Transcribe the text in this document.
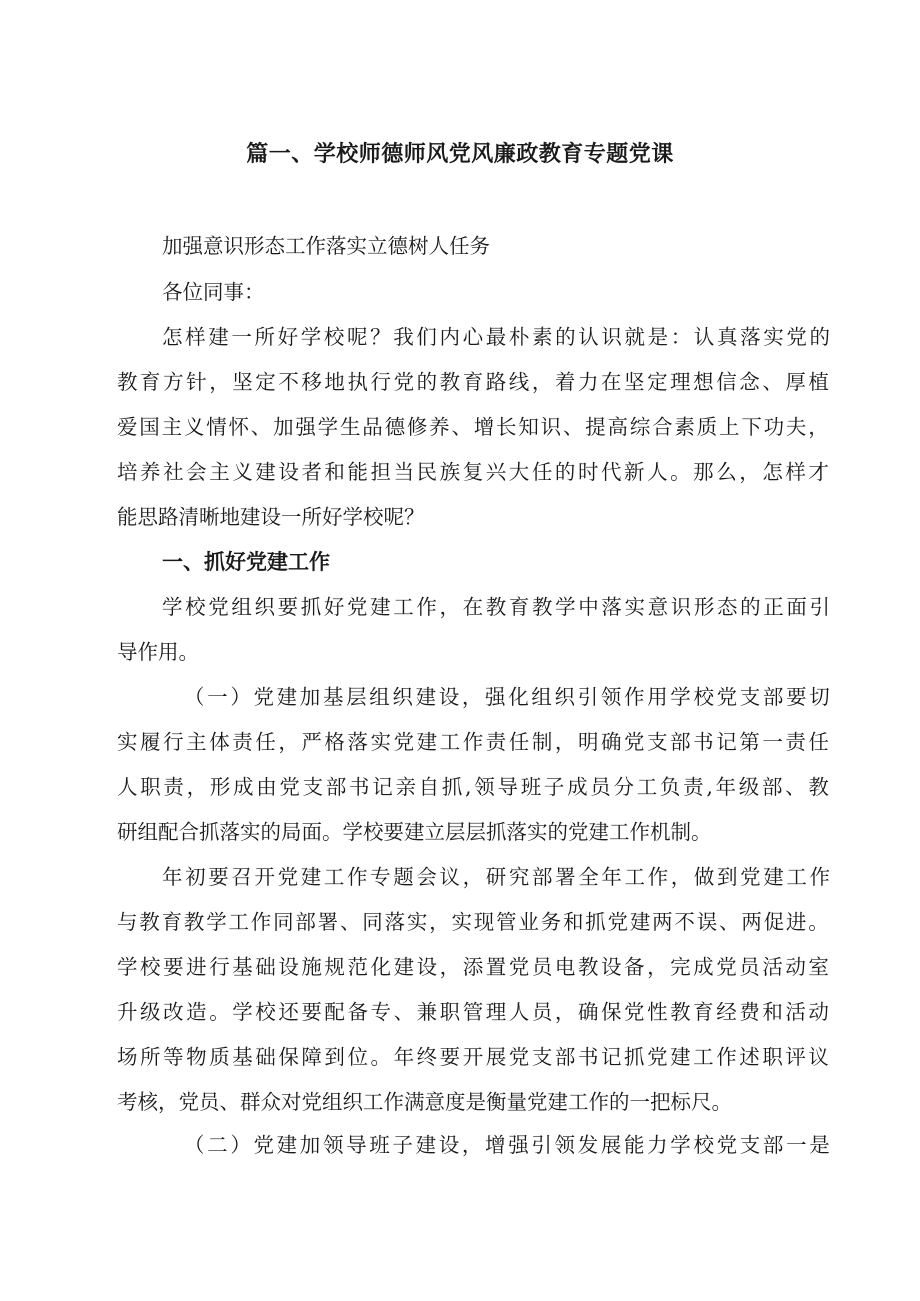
篇一、学校师德师风党风廉政教育专题党课
加强意识形态工作落实立德树人任务
各位同事：
怎 样 建 一 所 好 学 校 呢 ？ 我 们 内 心 最 朴 素 的 认 识 就 是 ： 认 真 落 实 党 的
教 育 方 针 ， 坚 定 不 移 地 执 行 党 的 教 育 路 线 ， 着 力 在 坚 定 理 想 信 念 、 厚 植
爱 国 主 义 情 怀 、 加 强 学 生 品 德 修 养 、 增 长 知 识 、 提 高 综 合 素 质 上 下 功 夫 ，
培 养 社 会 主 义 建 设 者 和 能 担 当 民 族 复 兴 大 任 的 时 代 新 人 。 那 么 ， 怎 样 才
能思路清晰地建设一所好学校呢？
一、抓好党建工作
学 校 党 组 织 要 抓 好 党 建 工 作 ， 在 教 育 教 学 中 落 实 意 识 形 态 的 正 面 引
导作用。
（ 一 ） 党 建 加 基 层 组 织 建 设 ， 强 化 组 织 引 领 作 用 学 校 党 支 部 要 切
实 履 行 主 体 责 任 ， 严 格 落 实 党 建 工 作 责 任 制 ， 明 确 党 支 部 书 记 第 一 责 任
人 职 责 ， 形 成 由 党 支 部 书 记 亲 自 抓 , 领 导 班 子 成 员 分 工 负 责 , 年 级 部 、 教
研组配合抓落实的局面。学校要建立层层抓落实的党建工作机制。
年 初 要 召 开 党 建 工 作 专 题 会 议 ， 研 究 部 署 全 年 工 作 ， 做 到 党 建 工 作
与 教 育 教 学 工 作 同 部 署 、 同 落 实 ， 实 现 管 业 务 和 抓 党 建 两 不 误 、 两 促 进 。
学 校 要 进 行 基 础 设 施 规 范 化 建 设 ， 添 置 党 员 电 教 设 备 ， 完 成 党 员 活 动 室
升 级 改 造 。 学 校 还 要 配 备 专 、 兼 职 管 理 人 员 ， 确 保 党 性 教 育 经 费 和 活 动
场 所 等 物 质 基 础 保 障 到 位 。 年 终 要 开 展 党 支 部 书 记 抓 党 建 工 作 述 职 评 议
考核，党员、群众对党组织工作满意度是衡量党建工作的一把标尺。
（ 二 ） 党 建 加 领 导 班 子 建 设 ， 增 强 引 领 发 展 能 力 学 校 党 支 部 一 是
